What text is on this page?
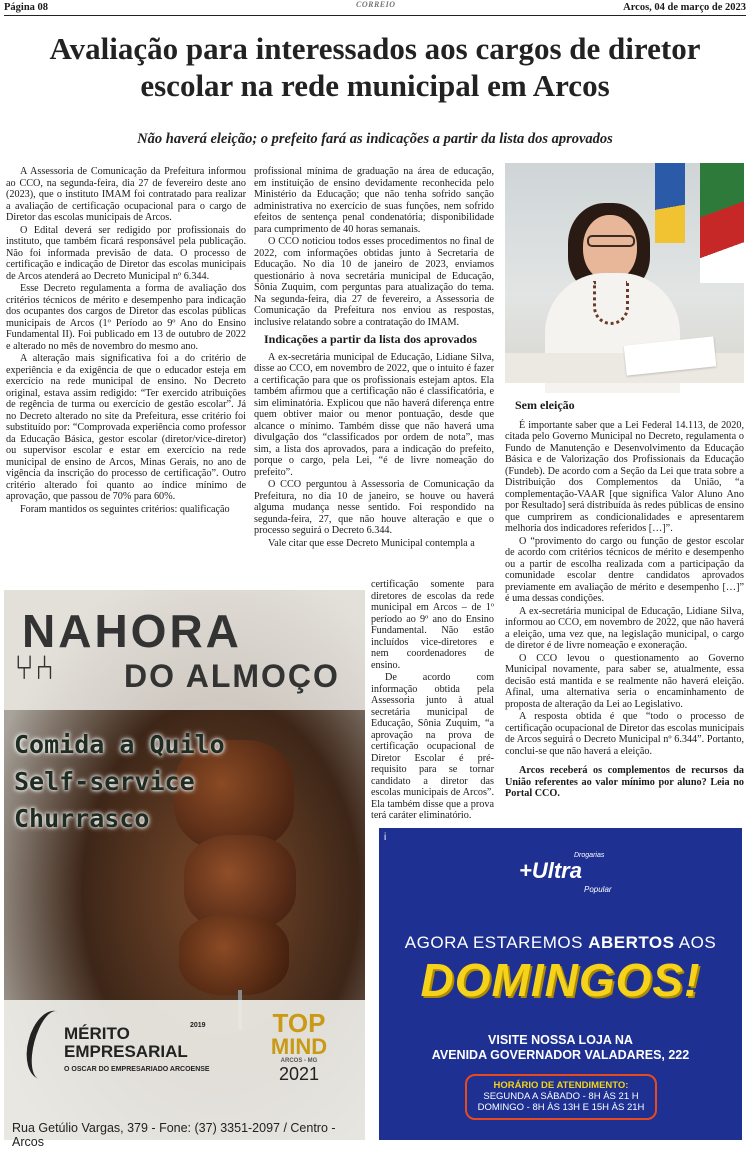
Página 08	CORREIO	Arcos, 04 de março de 2023
Avaliação para interessados aos cargos de diretor escolar na rede municipal em Arcos
Não haverá eleição; o prefeito fará as indicações a partir da lista dos aprovados

A Assessoria de Comunicação da Prefeitura informou ao CCO, na segunda-feira, dia 27 de fevereiro deste ano (2023), que o instituto IMAM foi contratado para realizar a avaliação de certificação ocupacional para o cargo de Diretor das escolas municipais de Arcos.

O Edital deverá ser redigido por profissionais do instituto, que também ficará responsável pela publicação. Não foi informada previsão de data. O processo de certificação e indicação de Diretor das escolas municipais de Arcos atenderá ao Decreto Municipal nº 6.344.

Esse Decreto regulamenta a forma de avaliação dos critérios técnicos de mérito e desempenho para indicação dos ocupantes dos cargos de Diretor das escolas públicas municipais de Arcos (1º Período ao 9º Ano do Ensino Fundamental II). Foi publicado em 13 de outubro de 2022 e alterado no mês de novembro do mesmo ano.

A alteração mais significativa foi a do critério de experiência e da exigência de que o educador esteja em exercício na rede municipal de ensino. No Decreto original, estava assim redigido: “Ter exercido atribuições de regência de turma ou exercício de gestão escolar”. Já no Decreto alterado no site da Prefeitura, esse critério foi substituído por: “Comprovada experiência como professor da Educação Básica, gestor escolar (diretor/vice-diretor) ou supervisor escolar e estar em exercício na rede municipal de ensino de Arcos, Minas Gerais, no ano de vigência da inscrição do processo de certificação”. Outro critério alterado foi quanto ao índice mínimo de aprovação, que passou de 70% para 60%.

Foram mantidos os seguintes critérios: qualificação

profissional mínima de graduação na área de educação, em instituição de ensino devidamente reconhecida pelo Ministério da Educação; que não tenha sofrido sanção administrativa no exercício de suas funções, nem sofrido efeitos de sentença penal condenatória; disponibilidade para cumprimento de 40 horas semanais.

O CCO noticiou todos esses procedimentos no final de 2022, com informações obtidas junto à Secretaria de Educação. No dia 10 de janeiro de 2023, enviamos questionário à nova secretária municipal de Educação, Sônia Zuquim, com perguntas para atualização do tema. Na segunda-feira, dia 27 de fevereiro, a Assessoria de Comunicação da Prefeitura nos enviou as respostas, inclusive relatando sobre a contratação do IMAM.

Indicações a partir da lista dos aprovados

A ex-secretária municipal de Educação, Lidiane Silva, disse ao CCO, em novembro de 2022, que o intuito é fazer a certificação para que os profissionais estejam aptos. Ela também afirmou que a certificação não é classificatória, e sim eliminatória. Explicou que não haverá diferença entre quem obtiver maior ou menor pontuação, desde que alcance o mínimo. Também disse que não haverá uma divulgação dos “classificados por ordem de nota”, mas sim, a lista dos aprovados, para a indicação do prefeito, porque o cargo, pela Lei, “é de livre nomeação do prefeito”.

O CCO perguntou à Assessoria de Comunicação da Prefeitura, no dia 10 de janeiro, se houve ou haverá alguma mudança nesse sentido. Foi respondido na segunda-feira, 27, que não houve alteração e que o processo seguirá o Decreto 6.344.

Vale citar que esse Decreto Municipal contempla a

certificação somente para diretores de escolas da rede municipal em Arcos – de 1º período ao 9º ano do Ensino Fundamental. Não estão incluídos vice-diretores e nem coordenadores de ensino.

De acordo com informação obtida pela Assessoria junto à atual secretária municipal de Educação, Sônia Zuquim, “a aprovação na prova de certificação ocupacional de Diretor Escolar é pré-requisito para se tornar candidato a diretor das escolas municipais de Arcos”. Ela também disse que a prova terá caráter eliminatório.

Sem eleição

É importante saber que a Lei Federal 14.113, de 2020, citada pelo Governo Municipal no Decreto, regulamenta o Fundo de Manutenção e Desenvolvimento da Educação Básica e de Valorização dos Profissionais da Educação (Fundeb). De acordo com a Seção da Lei que trata sobre a Distribuição dos Complementos da União, “a complementação-VAAR [que significa Valor Aluno Ano por Resultado] será distribuída às redes públicas de ensino que cumprirem as condicionalidades e apresentarem melhoria dos indicadores referidos […]”.

O “provimento do cargo ou função de gestor escolar de acordo com critérios técnicos de mérito e desempenho ou a partir de escolha realizada com a participação da comunidade escolar dentre candidatos aprovados previamente em avaliação de mérito e desempenho […]” é uma dessas condições.

A ex-secretária municipal de Educação, Lidiane Silva, informou ao CCO, em novembro de 2022, que não haverá a eleição, uma vez que, na legislação municipal, o cargo de diretor é de livre nomeação e exoneração.

O CCO levou o questionamento ao Governo Municipal novamente, para saber se, atualmente, essa decisão está mantida e se realmente não haverá eleição. Afinal, uma alternativa seria o encaminhamento de proposta de alteração da Lei ao Legislativo.

A resposta obtida é que “todo o processo de certificação ocupacional de Diretor das escolas municipais de Arcos seguirá o Decreto Municipal nº 6.344”. Portanto, conclui-se que não haverá a eleição.

Arcos receberá os complementos de recursos da União referentes ao valor mínimo por aluno? Leia no Portal CCO.

NAHORA
⑂⑃	DO ALMOÇO
Comida a Quilo
Self-service
Churrasco
MÉRITO
EMPRESARIAL
O OSCAR DO EMPRESARIADO ARCOENSE
2019	TOP
MIND
ARCOS - MG
2021
Rua Getúlio Vargas, 379 - Fone: (37) 3351-2097 / Centro - Arcos
i
Drogarias
+Ultra
Popular
AGORA ESTAREMOS ABERTOS AOS
DOMINGOS!
VISITE NOSSA LOJA NA
AVENIDA GOVERNADOR VALADARES, 222
HORÁRIO DE ATENDIMENTO:
SEGUNDA A SÁBADO - 8H ÀS 21 H
DOMINGO - 8H ÀS 13H E 15H ÀS 21H
